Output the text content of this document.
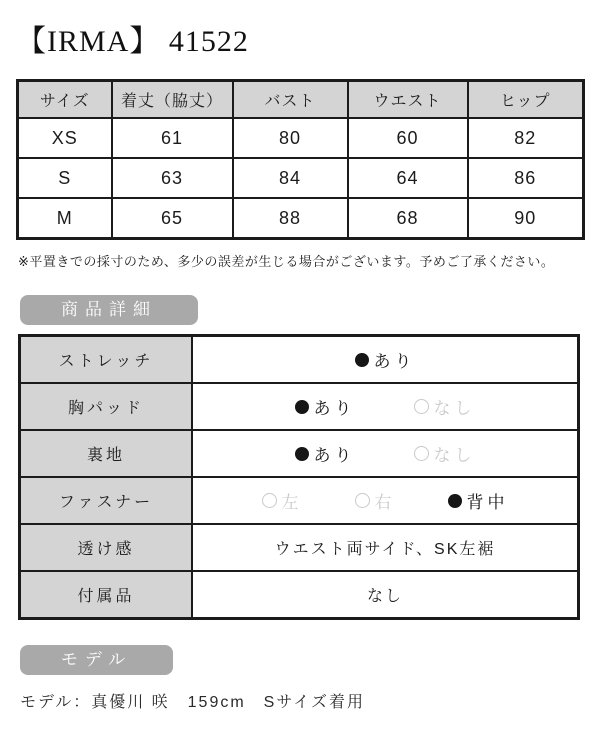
【IRMA】 41522
サイズ	着丈（脇丈）	バスト	ウエスト	ヒップ
XS	61	80	60	82
S	63	84	64	86
M	65	88	68	90
※平置きでの採寸のため、多少の誤差が生じる場合がございます。予めご了承ください。
商品詳細
ストレッチ	あり

胸パッド	あり なし

裏地	あり なし

ファスナー	左 右 背中

透け感	ウエスト両サイド、SK左裾
付属品	なし
モデル
モデル：真優川 咲　159cm　Sサイズ着用
